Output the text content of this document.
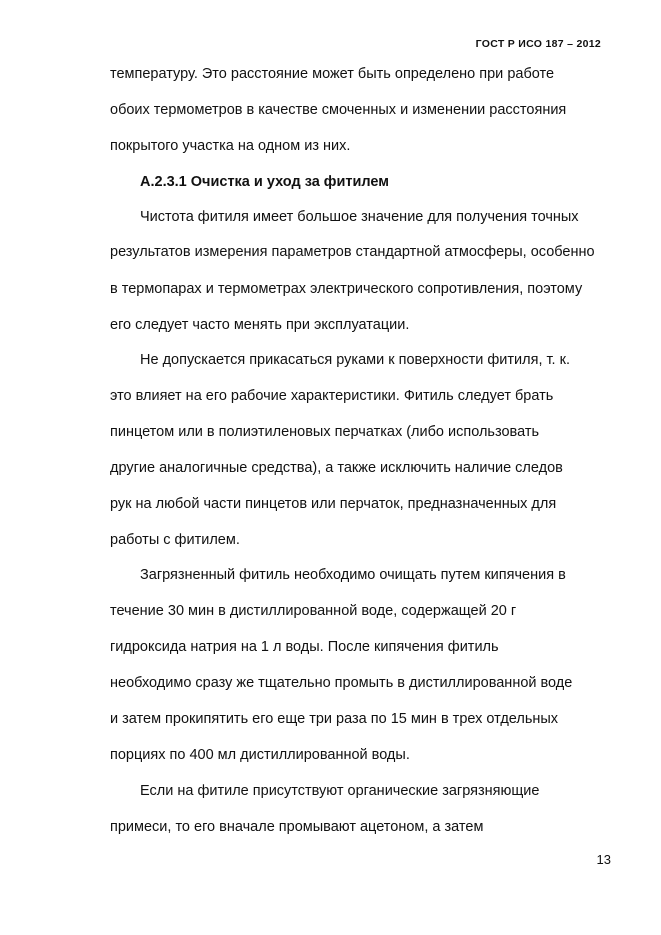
ГОСТ Р ИСО 187 – 2012
температуру. Это расстояние может быть определено при работе
обоих термометров в качестве смоченных и изменении расстояния
покрытого участка на одном из них.
А.2.3.1 Очистка и уход за фитилем
Чистота фитиля имеет большое значение для получения точных
результатов измерения параметров стандартной атмосферы, особенно
в термопарах и термометрах электрического сопротивления, поэтому
его следует часто менять при эксплуатации.
Не допускается прикасаться руками к поверхности фитиля, т. к.
это влияет на его рабочие характеристики. Фитиль следует брать
пинцетом или в полиэтиленовых перчатках (либо использовать
другие аналогичные средства), а также исключить наличие следов
рук на любой части пинцетов или перчаток, предназначенных для
работы с фитилем.
Загрязненный фитиль необходимо очищать путем кипячения в
течение 30 мин в дистиллированной воде, содержащей 20 г
гидроксида натрия на 1 л воды. После кипячения фитиль
необходимо сразу же тщательно промыть в дистиллированной воде
и затем прокипятить его еще три раза по 15 мин в трех отдельных
порциях по 400 мл дистиллированной воды.
Если на фитиле присутствуют органические загрязняющие
примеси, то его вначале промывают ацетоном, а затем
13
